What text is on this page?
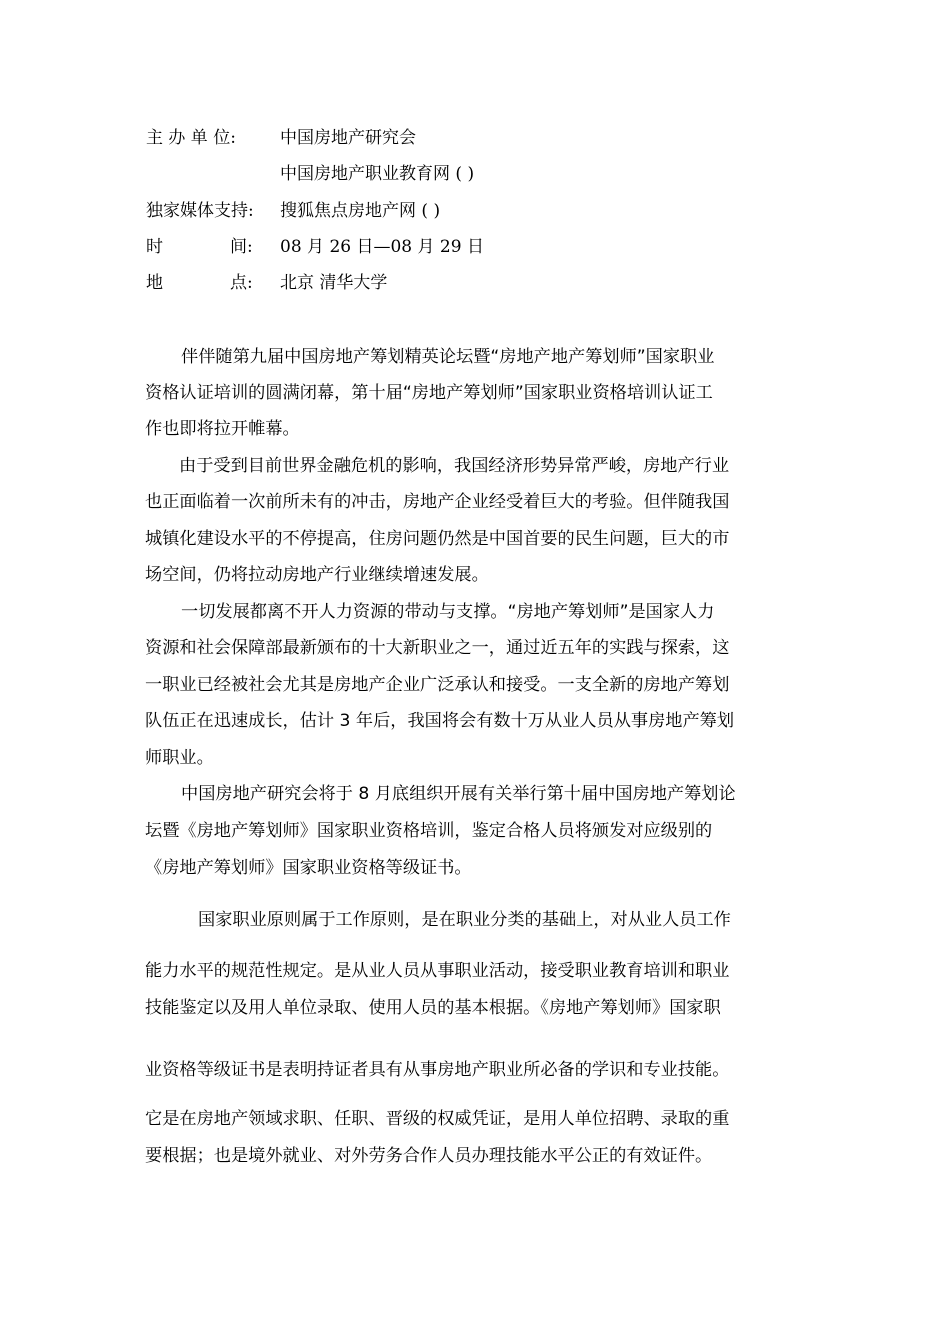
主 办 单 位:	中国房地产研究会
中国房地产职业教育网 ( )
独家媒体支持: 搜狐焦点房地产网 ( )
时	间: 08 月 26 日—08 月 29 日
地	点: 北京 清华大学
伴伴随第九届中国房地产筹划精英论坛暨“房地产地产筹划师”国家职业
资格认证培训的圆满闭幕，第十届“房地产筹划师”国家职业资格培训认证工
作也即将拉开帷幕。
由于受到目前世界金融危机的影响，我国经济形势异常严峻，房地产行业
也正面临着一次前所未有的冲击，房地产企业经受着巨大的考验。但伴随我国
城镇化建设水平的不停提高，住房问题仍然是中国首要的民生问题，巨大的市
场空间，仍将拉动房地产行业继续增速发展。
一切发展都离不开人力资源的带动与支撑。“房地产筹划师”是国家人力
资源和社会保障部最新颁布的十大新职业之一，通过近五年的实践与探索，这
一职业已经被社会尤其是房地产企业广泛承认和接受。一支全新的房地产筹划
队伍正在迅速成长，估计 3 年后，我国将会有数十万从业人员从事房地产筹划
师职业。
中国房地产研究会将于 8 月底组织开展有关举行第十届中国房地产筹划论
坛暨《房地产筹划师》国家职业资格培训，鉴定合格人员将颁发对应级别的
《房地产筹划师》国家职业资格等级证书。
国家职业原则属于工作原则，是在职业分类的基础上，对从业人员工作
能力水平的规范性规定。是从业人员从事职业活动，接受职业教育培训和职业
技能鉴定以及用人单位录取、使用人员的基本根据。《房地产筹划师》国家职
业资格等级证书是表明持证者具有从事房地产职业所必备的学识和专业技能。
它是在房地产领域求职、任职、晋级的权威凭证，是用人单位招聘、录取的重
要根据；也是境外就业、对外劳务合作人员办理技能水平公正的有效证件。
